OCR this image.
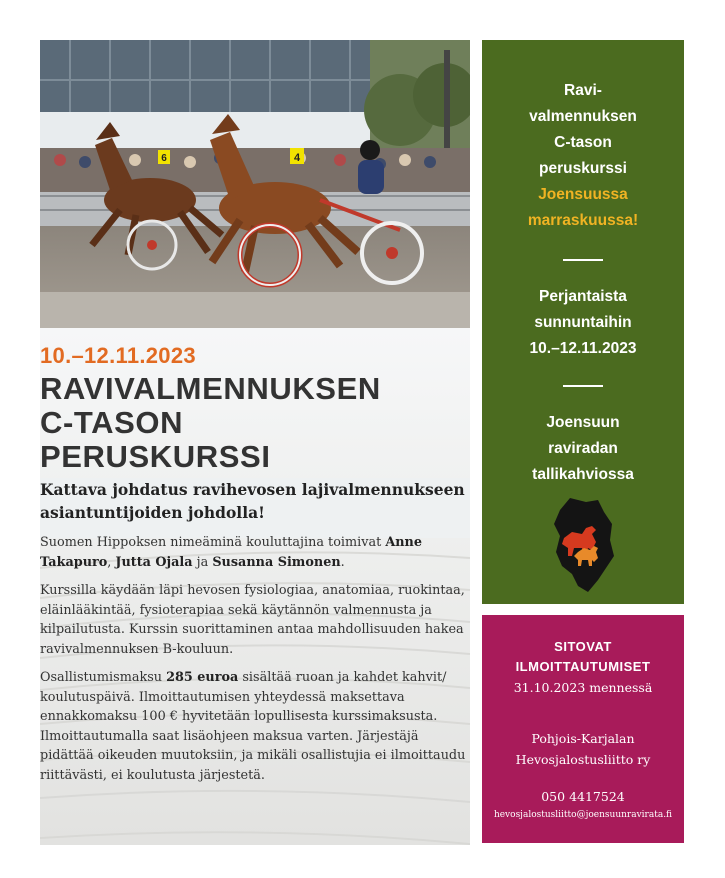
6	4
10.–12.11.2023
RAVIVALMENNUKSEN
C-TASON
PERUSKURSSI
Kattava johdatus ravihevosen lajivalmennukseen asiantuntijoiden johdolla!

Suomen Hippoksen nimeäminä kouluttajina toimivat Anne Takapuro, Jutta Ojala ja Susanna Simonen.

Kurssilla käydään läpi hevosen fysiologiaa, anatomiaa, ruokintaa, eläinlääkintää, fysioterapiaa sekä käytännön valmennusta ja kilpailutusta. Kurssin suorittaminen antaa mahdollisuuden hakea ravivalmennuksen B-kouluun.

Osallistumismaksu 285 euroa sisältää ruoan ja kahdet kahvit/ koulutuspäivä. Ilmoittautumisen yhteydessä maksettava ennakkomaksu 100 € hyvitetään lopullisesta kurssimaksusta. Ilmoittautumalla saat lisäohjeen maksua varten. Järjestäjä pidättää oikeuden muutoksiin, ja mikäli osallistujia ei ilmoittaudu riittävästi, ei koulutusta järjestetä.

Ravi-
valmennuksen
C-tason
peruskurssi
Joensuussa
marraskuussa!
Perjantaista
sunnuntaihin
10.–12.11.2023
Joensuun
raviradan
tallikahviossa
SITOVAT
ILMOITTAUTUMISET
31.10.2023 mennessä
Pohjois-Karjalan
Hevosjalostusliitto ry
050 4417524
hevosjalostusliitto@joensuunravirata.fi
